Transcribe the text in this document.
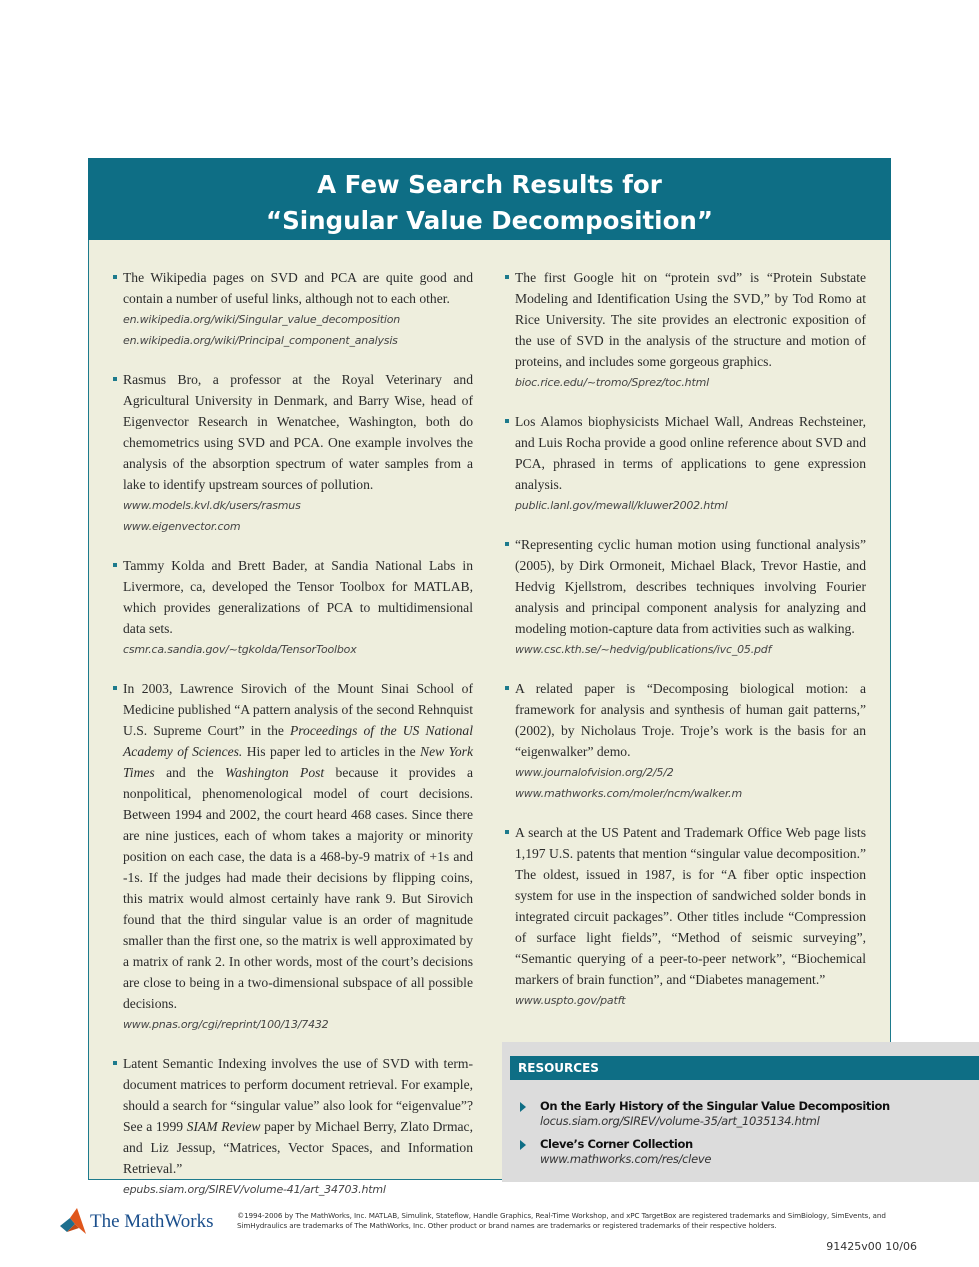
A Few Search Results for
“Singular Value Decomposition”

The Wikipedia pages on SVD and PCA are quite good and contain a number of useful links, although not to each other.

en.wikipedia.org/wiki/Singular_value_decomposition
en.wikipedia.org/wiki/Principal_component_analysis

Rasmus Bro, a professor at the Royal Veterinary and Agricultural University in Denmark, and Barry Wise, head of Eigenvector Research in Wenatchee, Washington, both do chemometrics using SVD and PCA. One example involves the analysis of the absorption spectrum of water samples from a lake to identify upstream sources of pollution.

www.models.kvl.dk/users/rasmus
www.eigenvector.com

Tammy Kolda and Brett Bader, at Sandia National Labs in Livermore, ca, developed the Tensor Toolbox for MATLAB, which provides generalizations of PCA to multidimensional data sets.

csmr.ca.sandia.gov/~tgkolda/TensorToolbox

In 2003, Lawrence Sirovich of the Mount Sinai School of Medicine published “A pattern analysis of the second Rehnquist U.S. Supreme Court” in the Proceedings of the US National Academy of Sciences. His paper led to articles in the New York Times and the Washington Post because it provides a nonpolitical, phenomenological model of court decisions. Between 1994 and 2002, the court heard 468 cases. Since there are nine justices, each of whom takes a majority or minority position on each case, the data is a 468-by-9 matrix of +1s and -1s. If the judges had made their decisions by flipping coins, this matrix would almost certainly have rank 9. But Sirovich found that the third singular value is an order of magnitude smaller than the first one, so the matrix is well approximated by a matrix of rank 2. In other words, most of the court’s decisions are close to being in a two-dimensional subspace of all possible decisions.

www.pnas.org/cgi/reprint/100/13/7432

Latent Semantic Indexing involves the use of SVD with term-document matrices to perform document retrieval. For example, should a search for “singular value” also look for “eigenvalue”? See a 1999 SIAM Review paper by Michael Berry, Zlato Drmac, and Liz Jessup, “Matrices, Vector Spaces, and Information Retrieval.”

epubs.siam.org/SIREV/volume-41/art_34703.html

The first Google hit on “protein svd” is “Protein Substate Modeling and Identification Using the SVD,” by Tod Romo at Rice University. The site provides an electronic exposition of the use of SVD in the analysis of the structure and motion of proteins, and includes some gorgeous graphics.

bioc.rice.edu/~tromo/Sprez/toc.html

Los Alamos biophysicists Michael Wall, Andreas Rechsteiner, and Luis Rocha provide a good online reference about SVD and PCA, phrased in terms of applications to gene expression analysis.

public.lanl.gov/mewall/kluwer2002.html

“Representing cyclic human motion using functional analysis” (2005), by Dirk Ormoneit, Michael Black, Trevor Hastie, and Hedvig Kjellstrom, describes techniques involving Fourier analysis and principal component analysis for analyzing and modeling motion-capture data from activities such as walking.

www.csc.kth.se/~hedvig/publications/ivc_05.pdf

A related paper is “Decomposing biological motion: a framework for analysis and synthesis of human gait patterns,” (2002), by Nicholaus Troje. Troje’s work is the basis for an “eigenwalker” demo.

www.journalofvision.org/2/5/2
www.mathworks.com/moler/ncm/walker.m

A search at the US Patent and Trademark Office Web page lists 1,197 U.S. patents that mention “singular value decomposition.” The oldest, issued in 1987, is for “A fiber optic inspection system for use in the inspection of sandwiched solder bonds in integrated circuit packages”. Other titles include “Compression of surface light fields”, “Method of seismic surveying”, “Semantic querying of a peer-to-peer network”, “Biochemical markers of brain function”, and “Diabetes management.”

www.uspto.gov/patft
RESOURCES
On the Early History of the Singular Value Decomposition
locus.siam.org/SIREV/volume-35/art_1035134.html
Cleve’s Corner Collection
www.mathworks.com/res/cleve
The MathWorks	©1994-2006 by The MathWorks, Inc. MATLAB, Simulink, Stateflow, Handle Graphics, Real-Time Workshop, and xPC TargetBox are registered trademarks and SimBiology, SimEvents, and SimHydraulics are trademarks of The MathWorks, Inc. Other product or brand names are trademarks or registered trademarks of their respective holders.
91425v00 10/06
